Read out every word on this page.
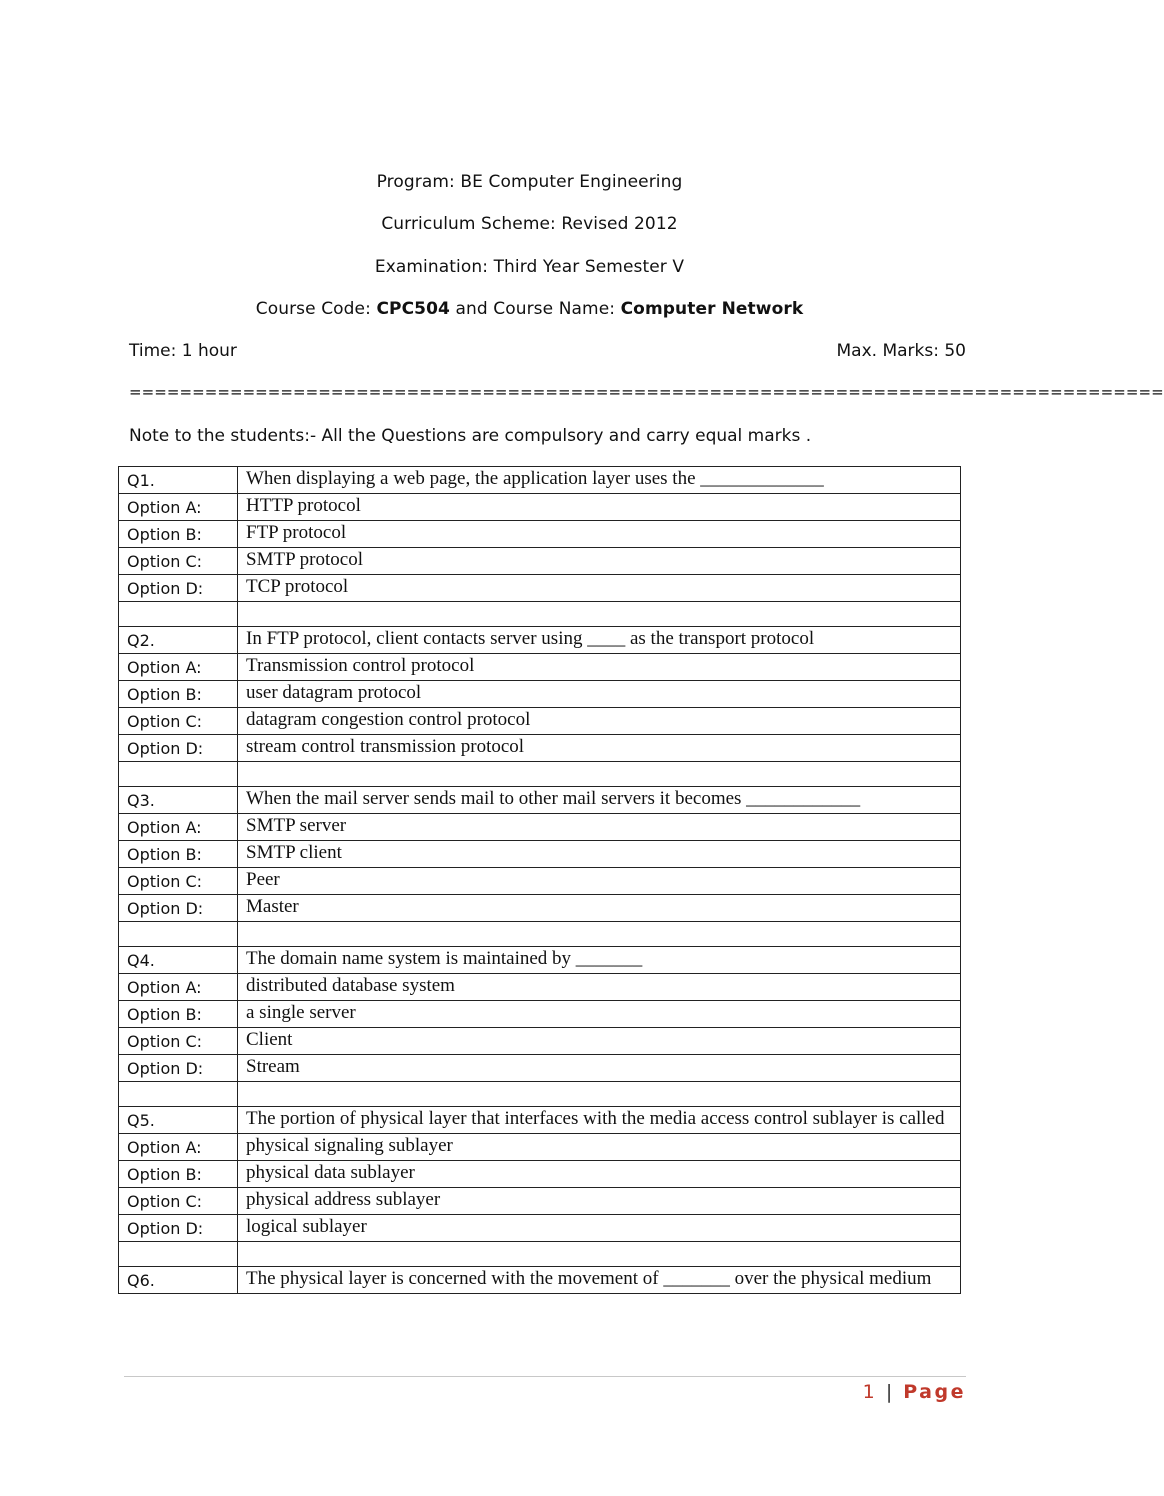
Program: BE Computer Engineering
Curriculum Scheme: Revised 2012
Examination: Third Year Semester V
Course Code: CPC504 and Course Name: Computer Network
Time: 1 hour	Max. Marks: 50
==================================================================================
Note to the students:- All the Questions are compulsory and carry equal marks .
Q1.	When displaying a web page, the application layer uses the _____________
Option A:	HTTP protocol
Option B:	FTP protocol
Option C:	SMTP protocol
Option D:	TCP protocol

Q2.	In FTP protocol, client contacts server using ____ as the transport protocol
Option A:	Transmission control protocol
Option B:	user datagram protocol
Option C:	datagram congestion control protocol
Option D:	stream control transmission protocol

Q3.	When the mail server sends mail to other mail servers it becomes ____________
Option A:	SMTP server
Option B:	SMTP client
Option C:	Peer
Option D:	Master

Q4.	The domain name system is maintained by _______
Option A:	distributed database system
Option B:	a single server
Option C:	Client
Option D:	Stream

Q5.	The portion of physical layer that interfaces with the media access control sublayer is called
Option A:	physical signaling sublayer
Option B:	physical data sublayer
Option C:	physical address sublayer
Option D:	logical sublayer

Q6.	The physical layer is concerned with the movement of _______ over the physical medium
1 | Page
